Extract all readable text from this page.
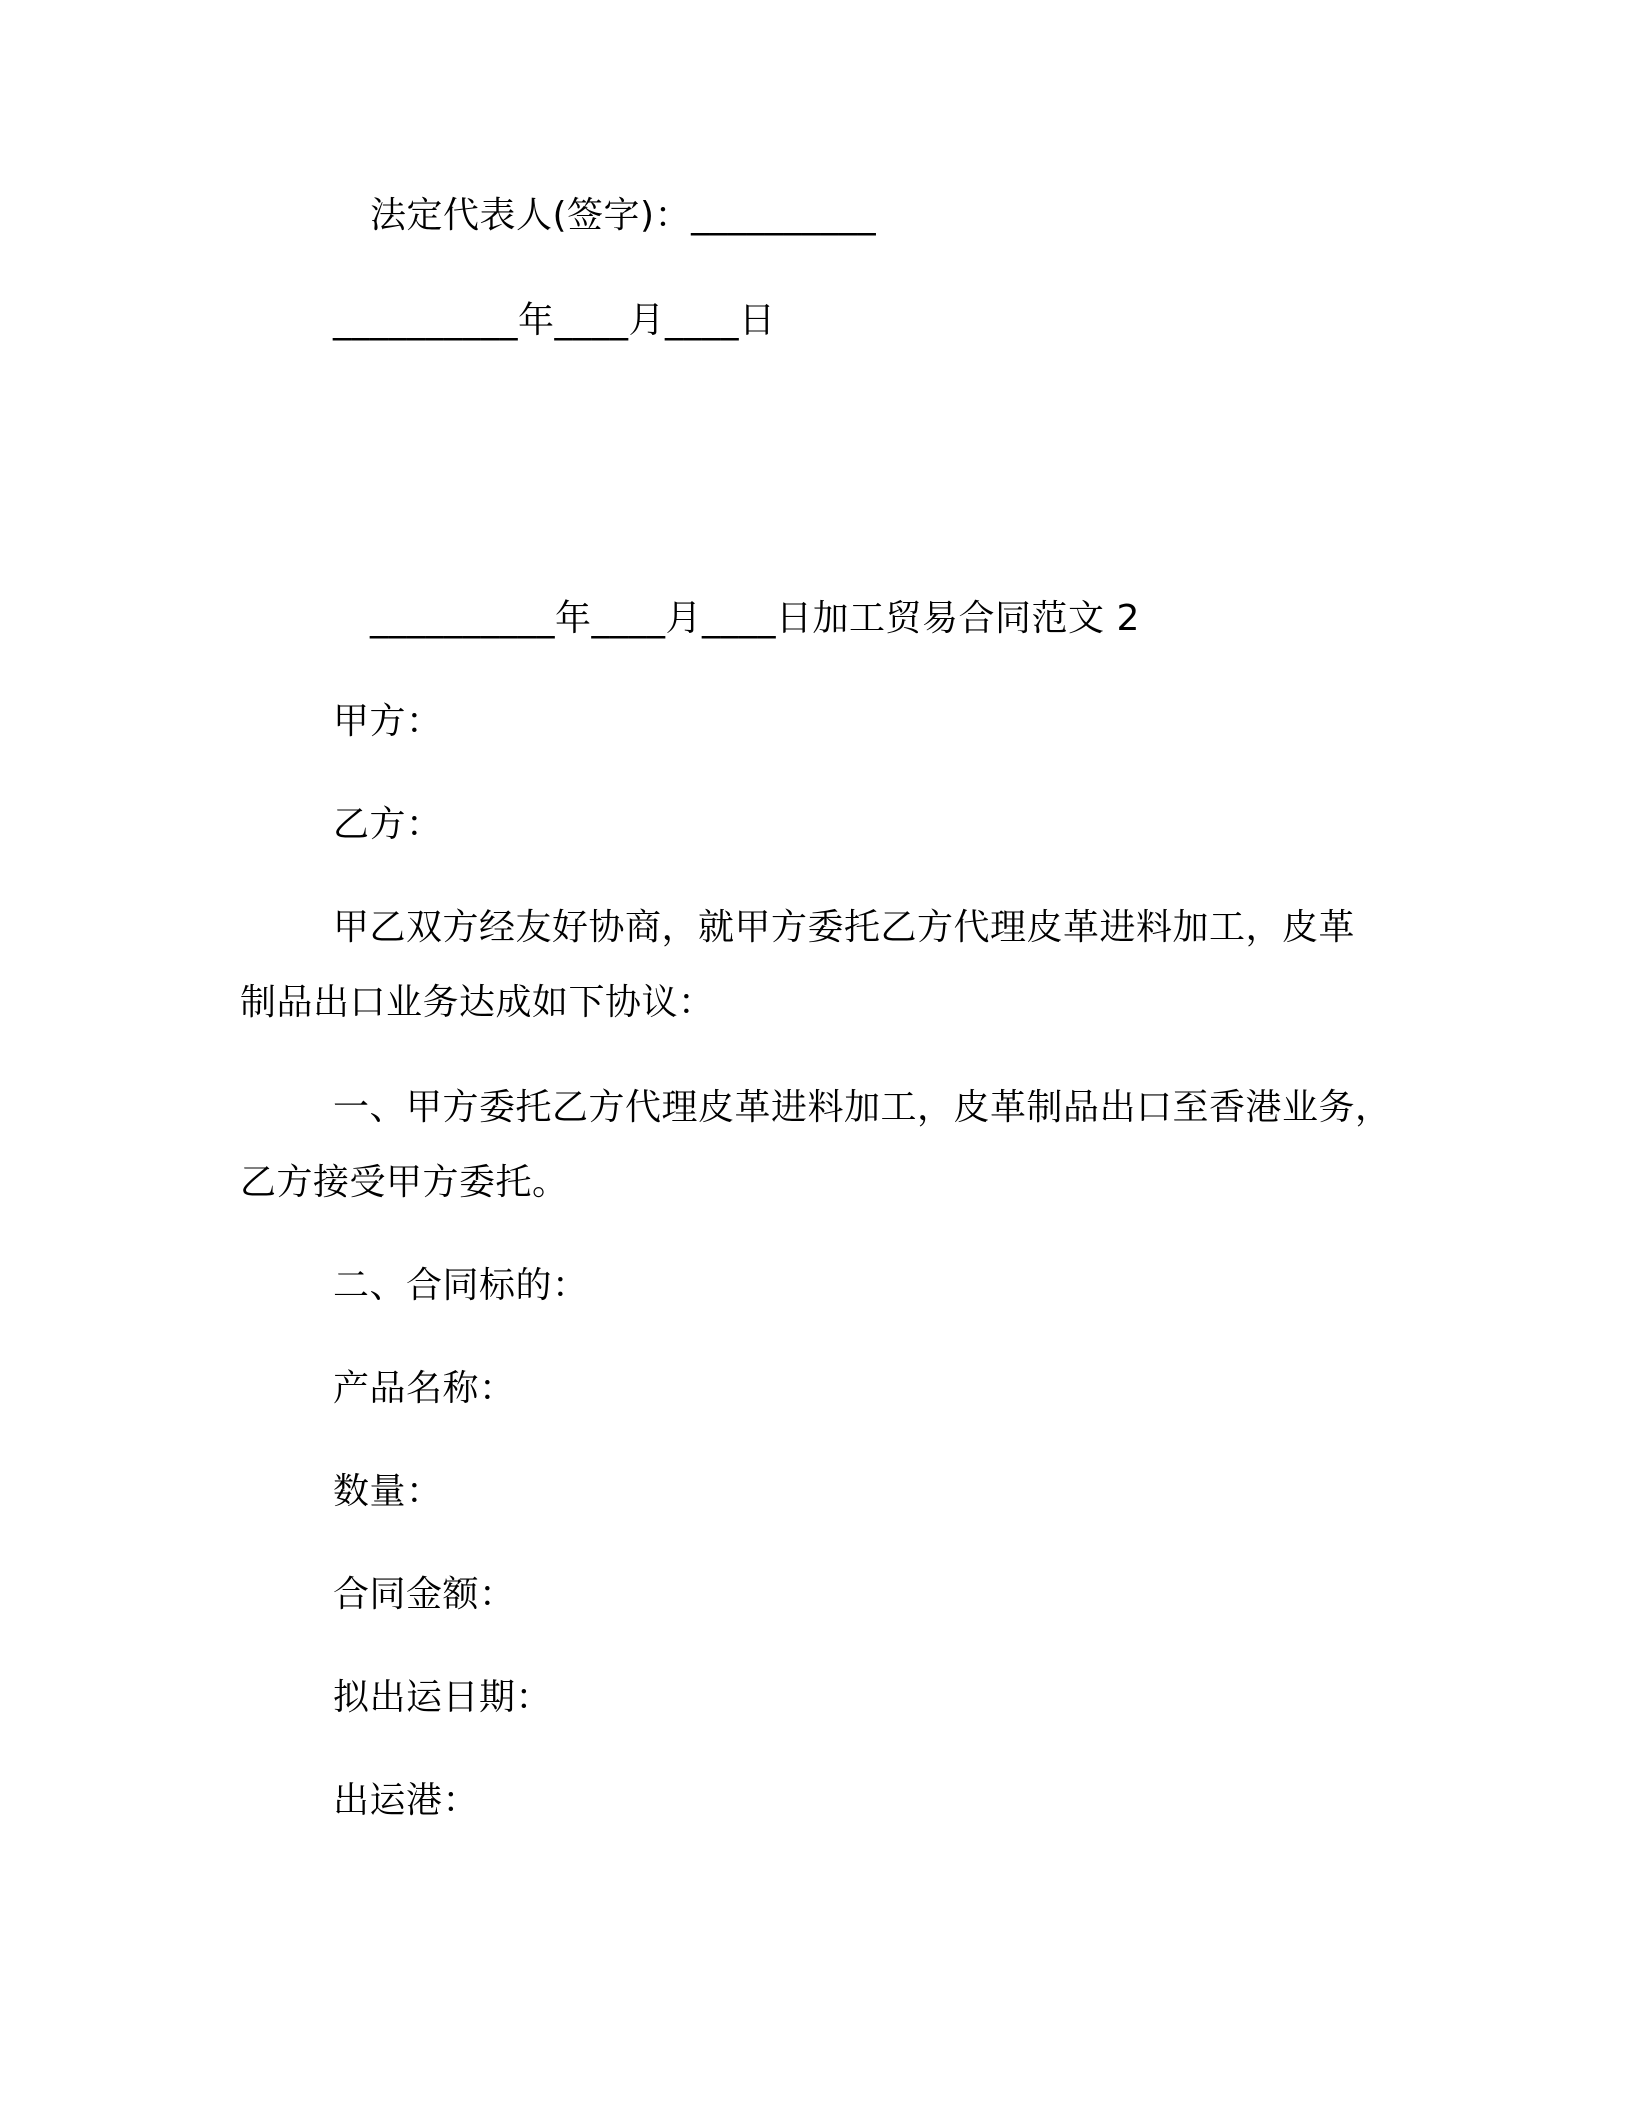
法定代表人(签字)：__________
__________年____月____日
__________年____月____日加工贸易合同范文 2
甲方：
乙方：
甲乙双方经友好协商，就甲方委托乙方代理皮革进料加工，皮革
制品出口业务达成如下协议：
一、甲方委托乙方代理皮革进料加工，皮革制品出口至香港业务，
乙方接受甲方委托。
二、合同标的：
产品名称：
数量：
合同金额：
拟出运日期：
出运港：
